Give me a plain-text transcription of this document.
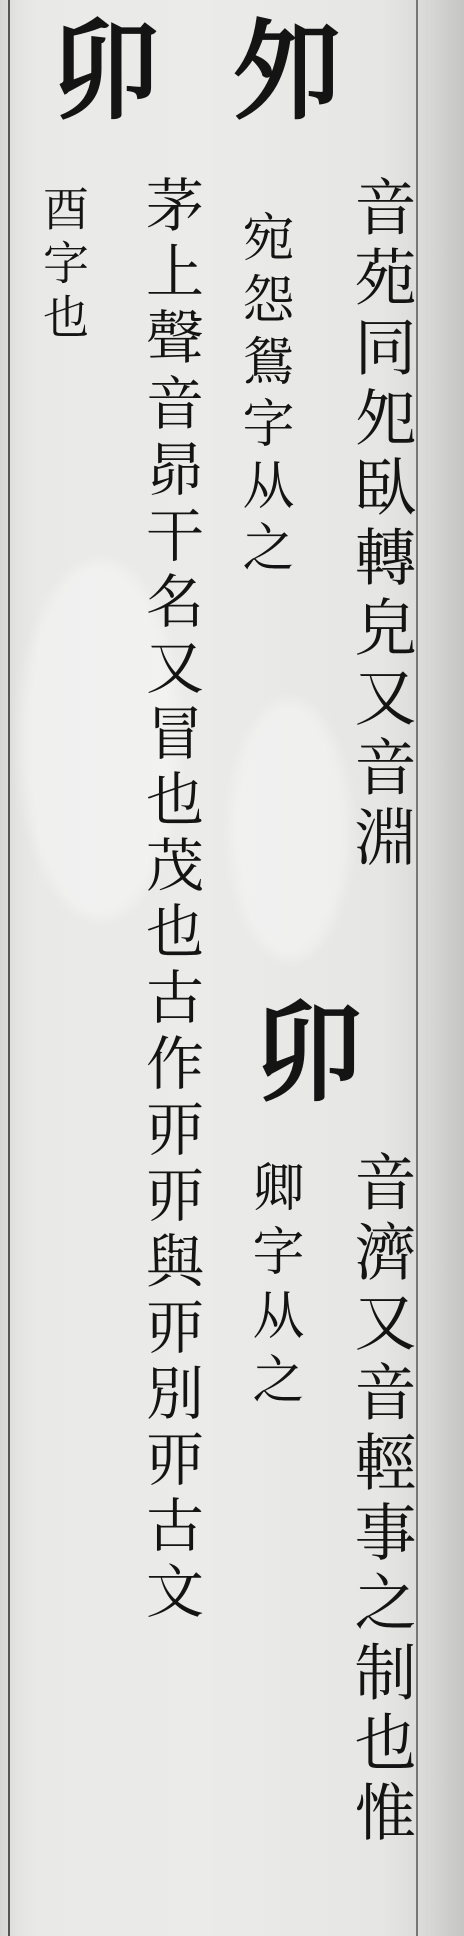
夘
音苑同夗臥轉皃又音淵
宛怨鴛字从之
卯
茅上聲音昴干名又冒也茂也古作丣丣與丣別丣古文
酉字也
卯
音濟又音輕事之制也惟
卿字从之
